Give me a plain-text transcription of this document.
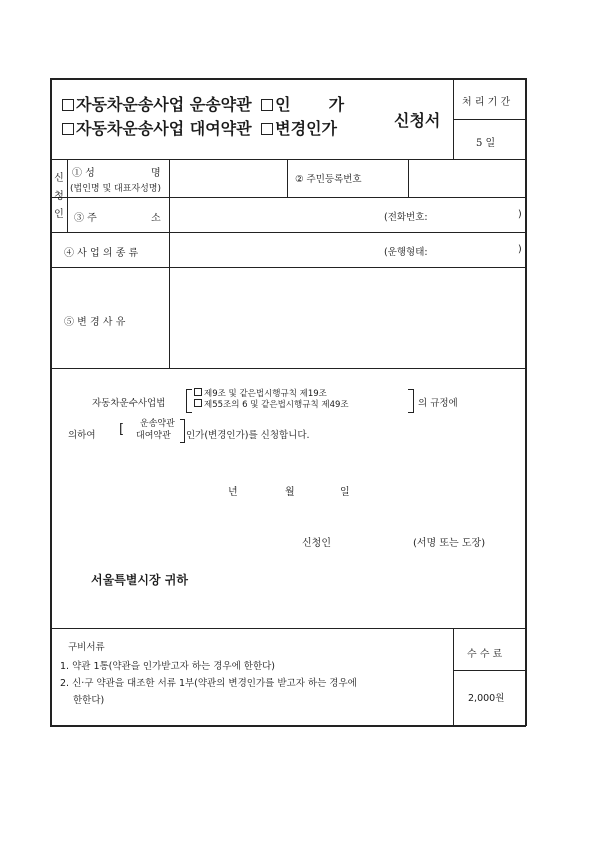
자동차운송사업 운송약관 인 가
자동차운송사업 대여약관 변경인가	신청서
처 리 기 간
5 일
신
청
인
① 성	명
(법인명 및 대표자성명)
② 주민등록번호
③ 주	소	(전화번호:	)
④ 사 업 의 종 류	(운행형태:	)
⑤ 변 경 사 유
자동차운수사업법
제9조 및 같은법시행규칙 제19조
제55조의 6 및 같은법시행규칙 제49조	의 규정에
의하여 [ 운송약관
대여약관 인가(변경인가)를 신청합니다.
년	월	일
신청인	(서명 또는 도장)
서울특별시장 귀하
구비서류
1. 약관 1통(약관을 인가받고자 하는 경우에 한한다)
2. 신·구 약관을 대조한 서류 1부(약관의 변경인가를 받고자 하는 경우에
한한다)
수 수 료
2,000원
